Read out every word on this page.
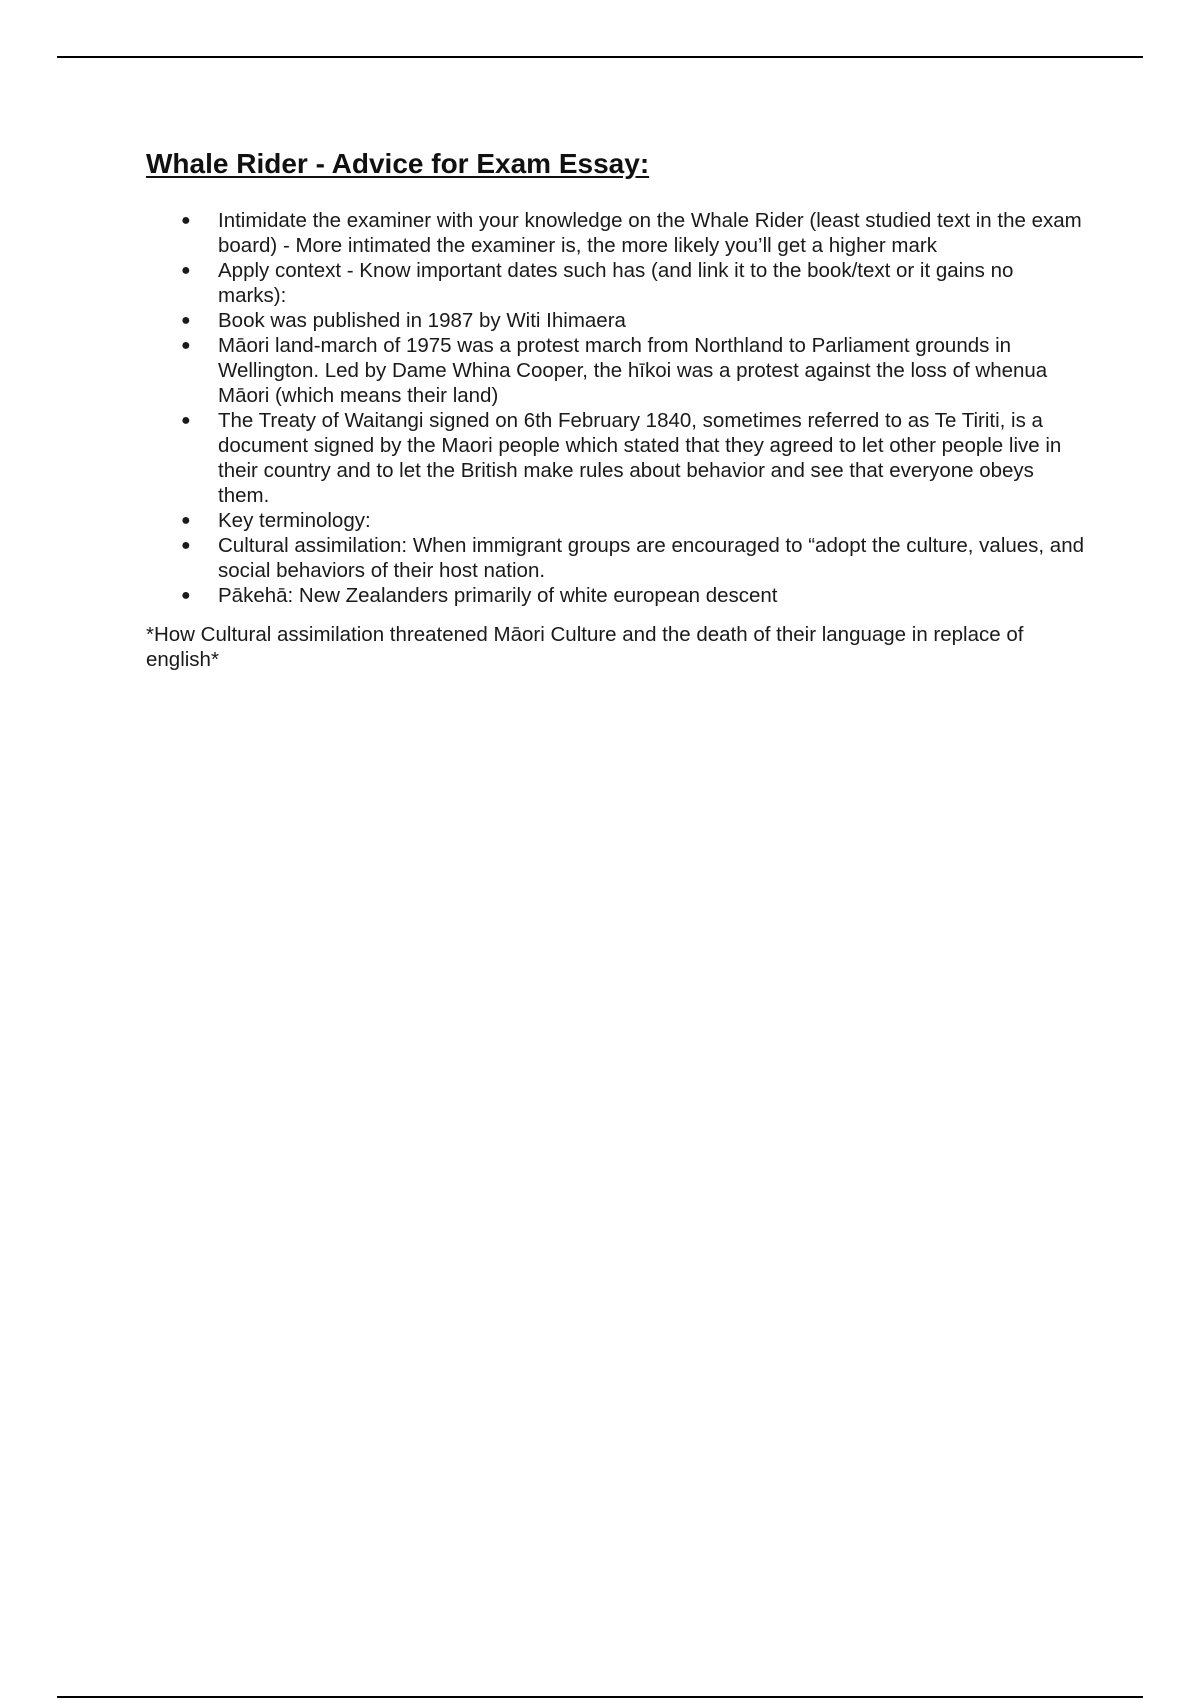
Whale Rider - Advice for Exam Essay:
● Intimidate the examiner with your knowledge on the Whale Rider (least studied text in the exam board) - More intimated the examiner is, the more likely you’ll get a higher mark
● Apply context - Know important dates such has (and link it to the book/text or it gains no marks):
● Book was published in 1987 by Witi Ihimaera
● Māori land-march of 1975 was a protest march from Northland to Parliament grounds in Wellington. Led by Dame Whina Cooper, the hīkoi was a protest against the loss of whenua Māori (which means their land)
● The Treaty of Waitangi signed on 6th February 1840, sometimes referred to as Te Tiriti, is a document signed by the Maori people which stated that they agreed to let other people live in their country and to let the British make rules about behavior and see that everyone obeys them.
● Key terminology:
● Cultural assimilation: When immigrant groups are encouraged to “adopt the culture, values, and social behaviors of their host nation.
● Pākehā: New Zealanders primarily of white european descent

*How Cultural assimilation threatened Māori Culture and the death of their language in replace of english*
